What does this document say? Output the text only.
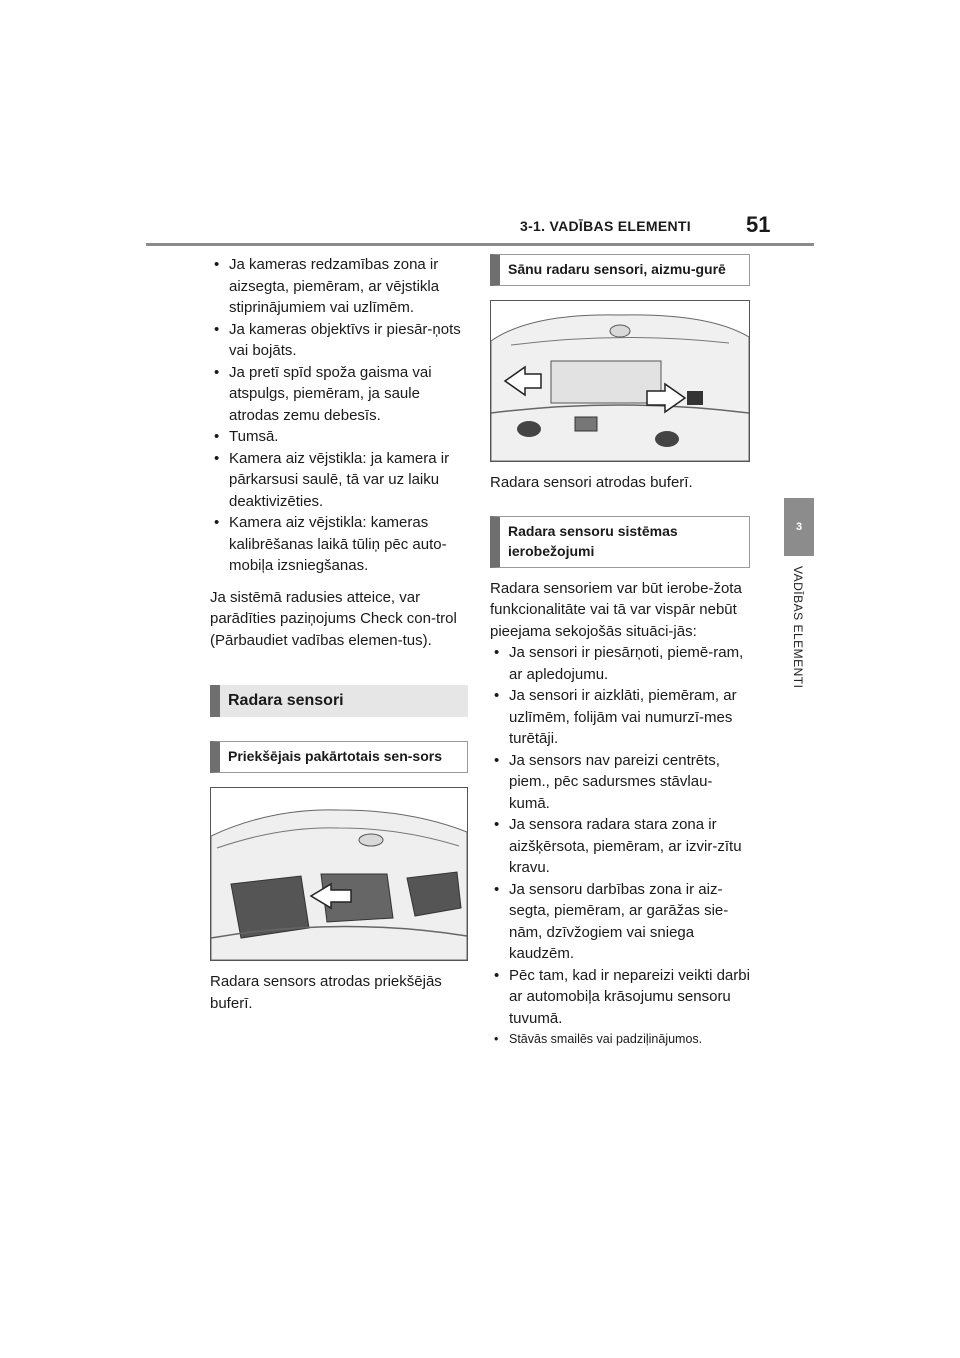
3-1. VADĪBAS ELEMENTI	51
3
VADĪBAS ELEMENTI
• Ja kameras redzamības zona ir aizsegta, piemēram, ar vējstikla stiprinājumiem vai uzlīmēm.
• Ja kameras objektīvs ir piesār-ņots vai bojāts.
• Ja pretī spīd spoža gaisma vai atspulgs, piemēram, ja saule atrodas zemu debesīs.
• Tumsā.
• Kamera aiz vējstikla: ja kamera ir pārkarsusi saulē, tā var uz laiku deaktivizēties.
• Kamera aiz vējstikla: kameras kalibrēšanas laikā tūliņ pēc auto-mobiļa izsniegšanas.

Ja sistēmā radusies atteice, var parādīties paziņojums Check con-trol (Pārbaudiet vadības elemen-tus).

Radara sensori
Priekšējais pakārtotais sen-sors

Radara sensors atrodas priekšējās buferī.

Sānu radaru sensori, aizmu-gurē

Radara sensori atrodas buferī.

Radara sensoru sistēmas ierobežojumi

Radara sensoriem var būt ierobe-žota funkcionalitāte vai tā var vispār nebūt pieejama sekojošās situāci-jās:

• Ja sensori ir piesārņoti, piemē-ram, ar apledojumu.
• Ja sensori ir aizklāti, piemēram, ar uzlīmēm, folijām vai numurzī-mes turētāji.
• Ja sensors nav pareizi centrēts, piem., pēc sadursmes stāvlau-kumā.
• Ja sensora radara stara zona ir aizšķērsota, piemēram, ar izvir-zītu kravu.
• Ja sensoru darbības zona ir aiz-segta, piemēram, ar garāžas sie-nām, dzīvžogiem vai sniega kaudzēm.
• Pēc tam, kad ir nepareizi veikti darbi ar automobiļa krāsojumu sensoru tuvumā.
• Stāvās smailēs vai padziļinājumos.
